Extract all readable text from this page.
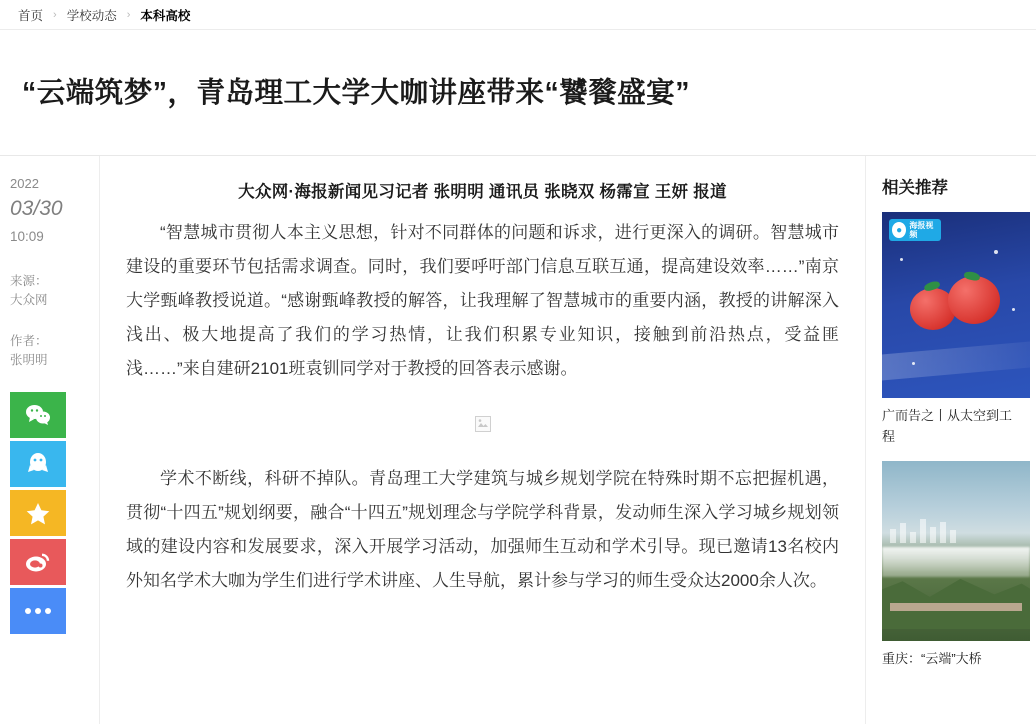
首页 › 学校动态 › 本科高校
“云端筑梦”，青岛理工大学大咖讲座带来“饕餮盛宴”
2022
03/30
10:09
来源：
大众网
作者：
张明明
大众网·海报新闻见习记者 张明明 通讯员 张晓双 杨霈宣 王妍 报道

“智慧城市贯彻人本主义思想，针对不同群体的问题和诉求，进行更深入的调研。智慧城市建设的重要环节包括需求调查。同时，我们要呼吁部门信息互联互通，提高建设效率……”南京大学甄峰教授说道。“感谢甄峰教授的解答，让我理解了智慧城市的重要内涵，教授的讲解深入浅出、极大地提高了我们的学习热情，让我们积累专业知识，接触到前沿热点，受益匪浅……”来自建研2101班袁钏同学对于教授的回答表示感谢。

学术不断线，科研不掉队。青岛理工大学建筑与城乡规划学院在特殊时期不忘把握机遇，贯彻“十四五”规划纲要，融合“十四五”规划理念与学院学科背景，发动师生深入学习城乡规划领域的建设内容和发展要求，深入开展学习活动，加强师生互动和学术引导。现已邀请13名校内外知名学术大咖为学生们进行学术讲座、人生导航，累计参与学习的师生受众达2000余人次。

相关推荐
● 海报视频
广而告之丨从太空到工程
重庆：“云端”大桥
